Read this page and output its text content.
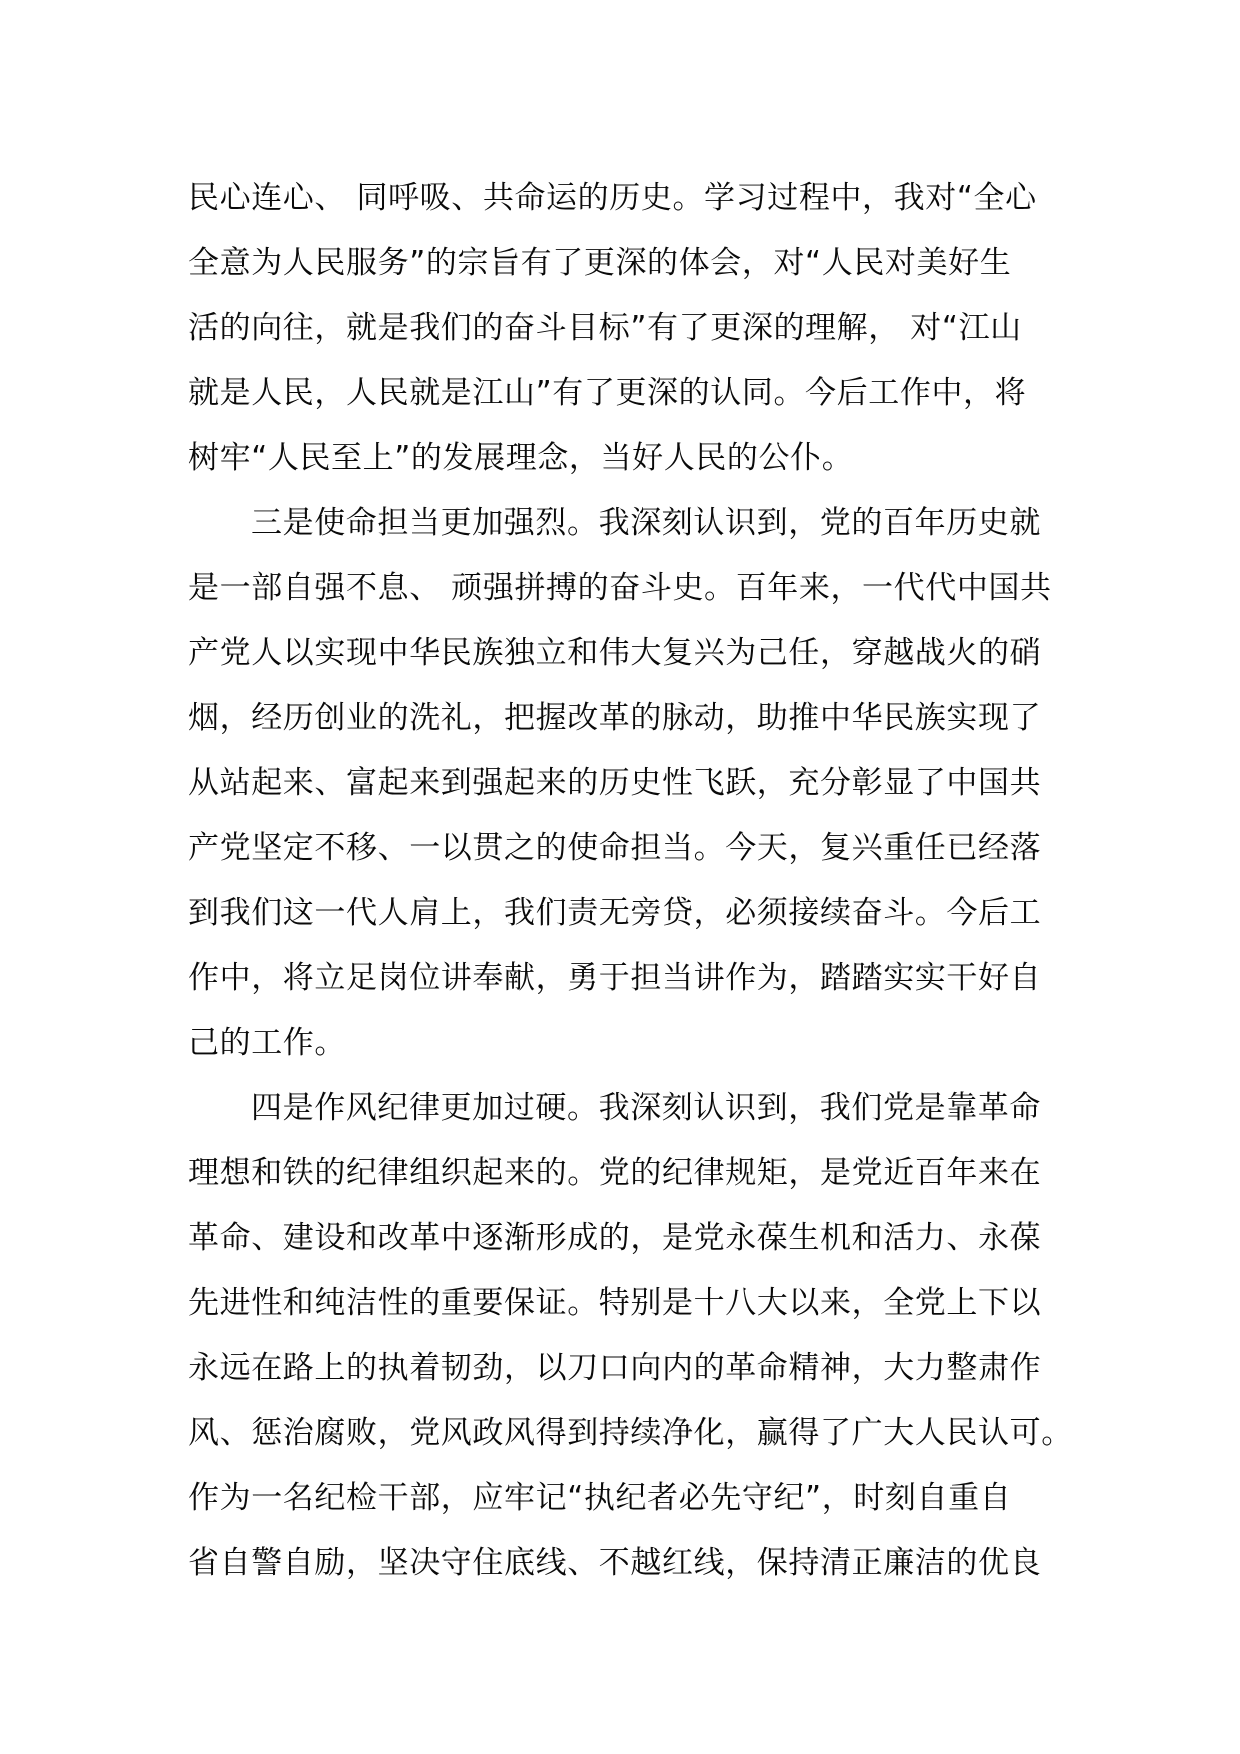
民心连心、 同呼吸、共命运的历史。学习过程中，我对“全心
全意为人民服务”的宗旨有了更深的体会，对“人民对美好生
活的向往，就是我们的奋斗目标”有了更深的理解， 对“江山
就是人民，人民就是江山”有了更深的认同。今后工作中，将
树牢“人民至上”的发展理念，当好人民的公仆。
三是使命担当更加强烈。我深刻认识到，党的百年历史就
是一部自强不息、 顽强拼搏的奋斗史。百年来，一代代中国共
产党人以实现中华民族独立和伟大复兴为己任，穿越战火的硝
烟，经历创业的洗礼，把握改革的脉动，助推中华民族实现了
从站起来、富起来到强起来的历史性飞跃，充分彰显了中国共
产党坚定不移、一以贯之的使命担当。今天，复兴重任已经落
到我们这一代人肩上，我们责无旁贷，必须接续奋斗。今后工
作中，将立足岗位讲奉献，勇于担当讲作为，踏踏实实干好自
己的工作。
四是作风纪律更加过硬。我深刻认识到，我们党是靠革命
理想和铁的纪律组织起来的。党的纪律规矩，是党近百年来在
革命、建设和改革中逐渐形成的，是党永葆生机和活力、永葆
先进性和纯洁性的重要保证。特别是十八大以来，全党上下以
永远在路上的执着韧劲，以刀口向内的革命精神，大力整肃作
风、惩治腐败，党风政风得到持续净化，赢得了广大人民认可。
作为一名纪检干部，应牢记“执纪者必先守纪”，时刻自重自
省自警自励，坚决守住底线、不越红线，保持清正廉洁的优良
